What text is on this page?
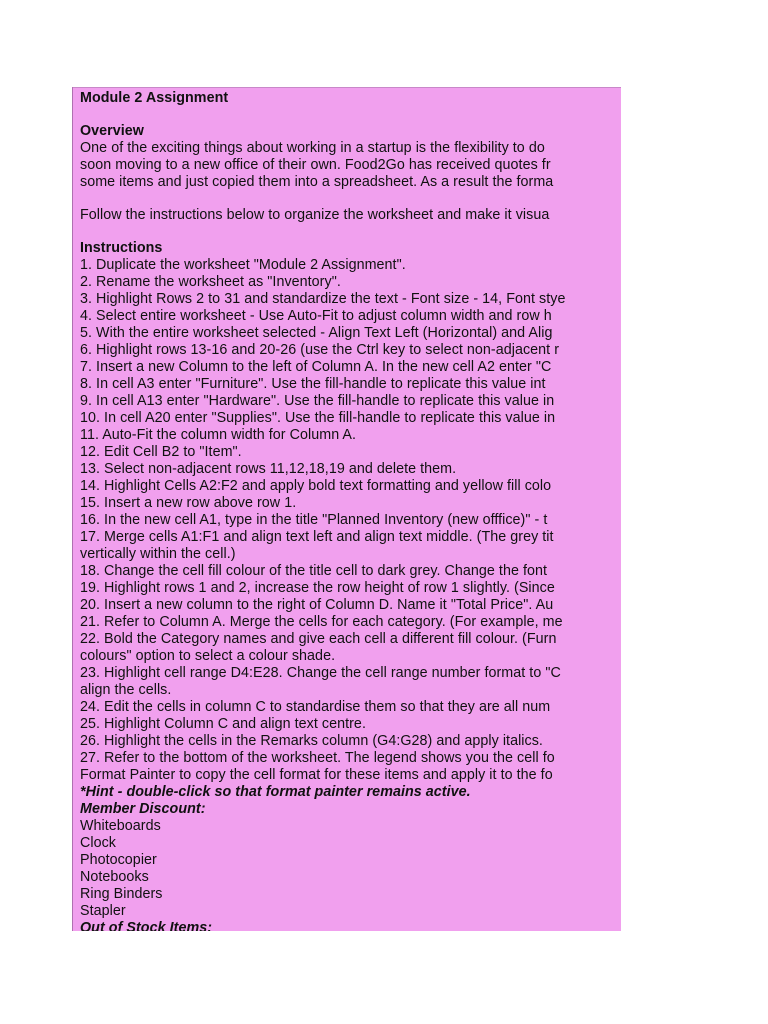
Module 2 Assignment
Overview
One of the exciting things about working in a startup is the flexibility to do
soon moving to a new office of their own. Food2Go has received quotes fr
some items and just copied them into a spreadsheet. As a result the forma
Follow the instructions below to organize the worksheet and make it visua
Instructions
1. Duplicate the worksheet "Module 2 Assignment".
2. Rename the worksheet as "Inventory".
3. Highlight Rows 2 to 31 and standardize the text - Font size - 14, Font stye
4. Select entire worksheet - Use Auto-Fit to adjust column width and row h
5. With the entire worksheet selected - Align Text Left (Horizontal) and Alig
6. Highlight rows 13-16 and 20-26 (use the Ctrl key to select non-adjacent r
7. Insert a new Column to the left of Column A. In the new cell A2 enter "C
8. In cell A3 enter "Furniture". Use the fill-handle to replicate this value int
9. In cell A13 enter "Hardware". Use the fill-handle to replicate this value in
10. In cell A20 enter "Supplies". Use the fill-handle to replicate this value in
11. Auto-Fit the column width for Column A.
12. Edit Cell B2 to "Item".
13. Select non-adjacent rows 11,12,18,19 and delete them.
14. Highlight Cells A2:F2 and apply bold text formatting and yellow fill colo
15. Insert a new row above row 1.
16. In the new cell A1, type in the title "Planned Inventory (new offfice)" - t
17. Merge cells A1:F1 and align text left and align text middle. (The grey tit
vertically within the cell.)
18. Change the cell fill colour of the title cell to dark grey. Change the font
19. Highlight rows 1 and 2, increase the row height of row 1 slightly. (Since
20. Insert a new column to the right of Column D. Name it "Total Price". Au
21. Refer to Column A. Merge the cells for each category. (For example, me
22. Bold the Category names and give each cell a different fill colour. (Furn
colours" option to select a colour shade.
23. Highlight cell range D4:E28. Change the cell range number format to "C
align the cells.
24. Edit the cells in column C to standardise them so that they are all num
25. Highlight Column C and align text centre.
26. Highlight the cells in the Remarks column (G4:G28) and apply italics.
27. Refer to the bottom of the worksheet. The legend shows you the cell fo
Format Painter to copy the cell format for these items and apply it to the fo
*Hint - double-click so that format painter remains active.
Member Discount:
Whiteboards
Clock
Photocopier
Notebooks
Ring Binders
Stapler
Out of Stock Items:
